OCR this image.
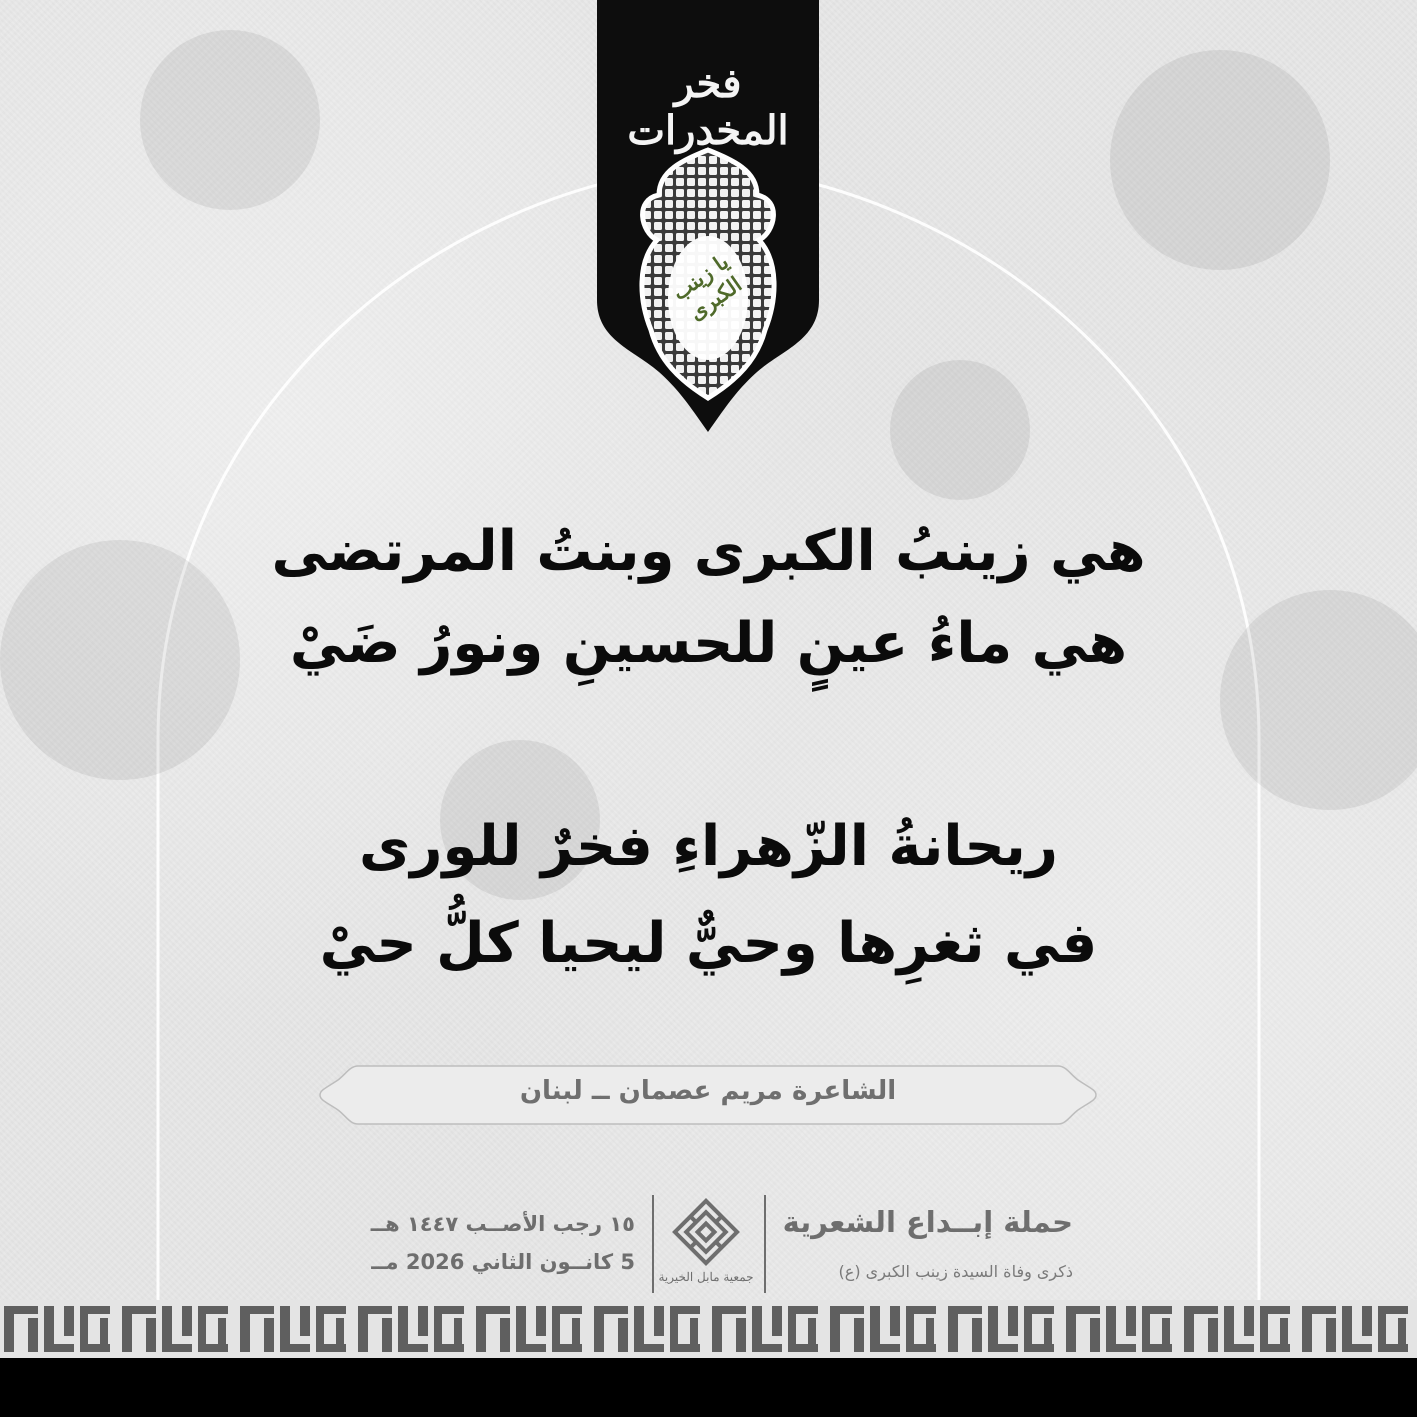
فخر المخدرات
يا زينب الكبرى
هي زينبُ الكبرى وبنتُ المرتضى
هي ماءُ عينٍ للحسينِ ونورُ ضَيْ
ريحانةُ الزّهراءِ فخرٌ للورى
في ثغرِها وحيٌّ ليحيا كلُّ حيْ
الشاعرة مريم عصمان ــ لبنان
١٥ رجب الأصــب ١٤٤٧ هــ
5 كانــون الثاني 2026 مــ
جمعية مابل الخيرية
حملة إبــداع الشعرية
ذكرى وفاة السيدة زينب الكبرى (ع)
